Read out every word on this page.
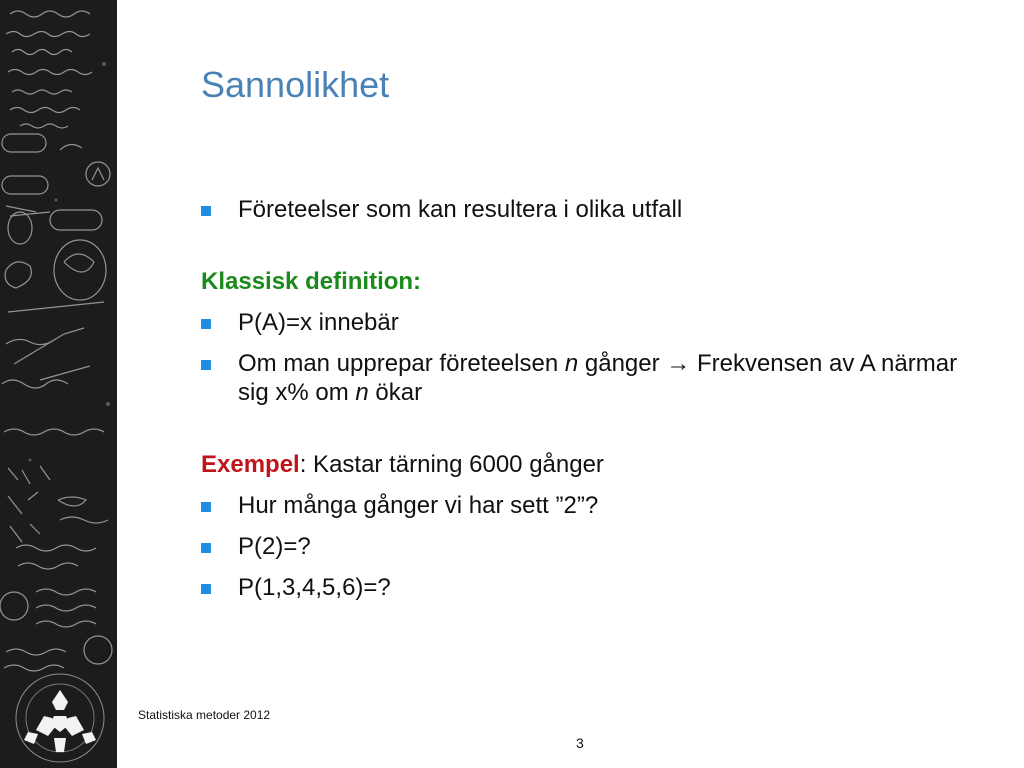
Sannolikhet
Företeelser som kan resultera i olika utfall
Klassisk definition:
P(A)=x innebär
Om man upprepar företeelsen n gånger → Frekvensen av A närmar sig x% om n ökar
Exempel: Kastar tärning 6000 gånger
Hur många gånger vi har sett ”2”?
P(2)=?
P(1,3,4,5,6)=?
Statistiska metoder 2012
3
